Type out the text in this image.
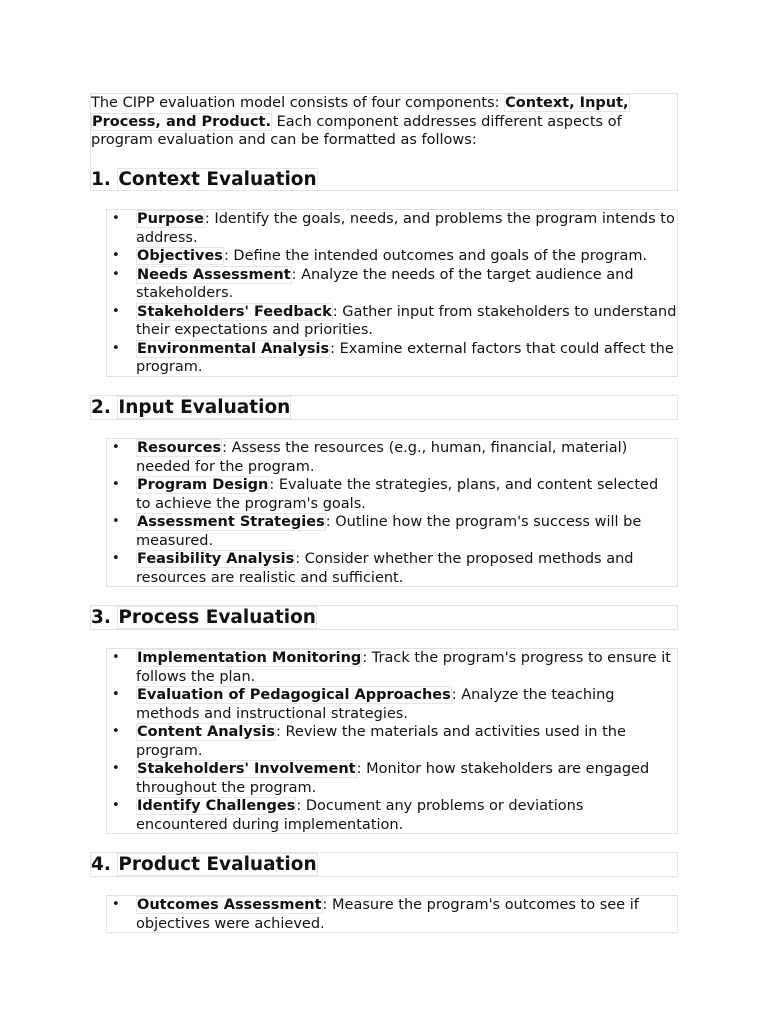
The CIPP evaluation model consists of four components: Context, Input, Process, and Product. Each component addresses different aspects of program evaluation and can be formatted as follows:
1. Context Evaluation
• Purpose: Identify the goals, needs, and problems the program intends to address.
• Objectives: Define the intended outcomes and goals of the program.
• Needs Assessment: Analyze the needs of the target audience and stakeholders.
• Stakeholders' Feedback: Gather input from stakeholders to understand their expectations and priorities.
• Environmental Analysis: Examine external factors that could affect the program.
2. Input Evaluation
• Resources: Assess the resources (e.g., human, financial, material) needed for the program.
• Program Design: Evaluate the strategies, plans, and content selected to achieve the program's goals.
• Assessment Strategies: Outline how the program's success will be measured.
• Feasibility Analysis: Consider whether the proposed methods and resources are realistic and sufficient.
3. Process Evaluation
• Implementation Monitoring: Track the program's progress to ensure it follows the plan.
• Evaluation of Pedagogical Approaches: Analyze the teaching methods and instructional strategies.
• Content Analysis: Review the materials and activities used in the program.
• Stakeholders' Involvement: Monitor how stakeholders are engaged throughout the program.
• Identify Challenges: Document any problems or deviations encountered during implementation.
4. Product Evaluation
• Outcomes Assessment: Measure the program's outcomes to see if objectives were achieved.
